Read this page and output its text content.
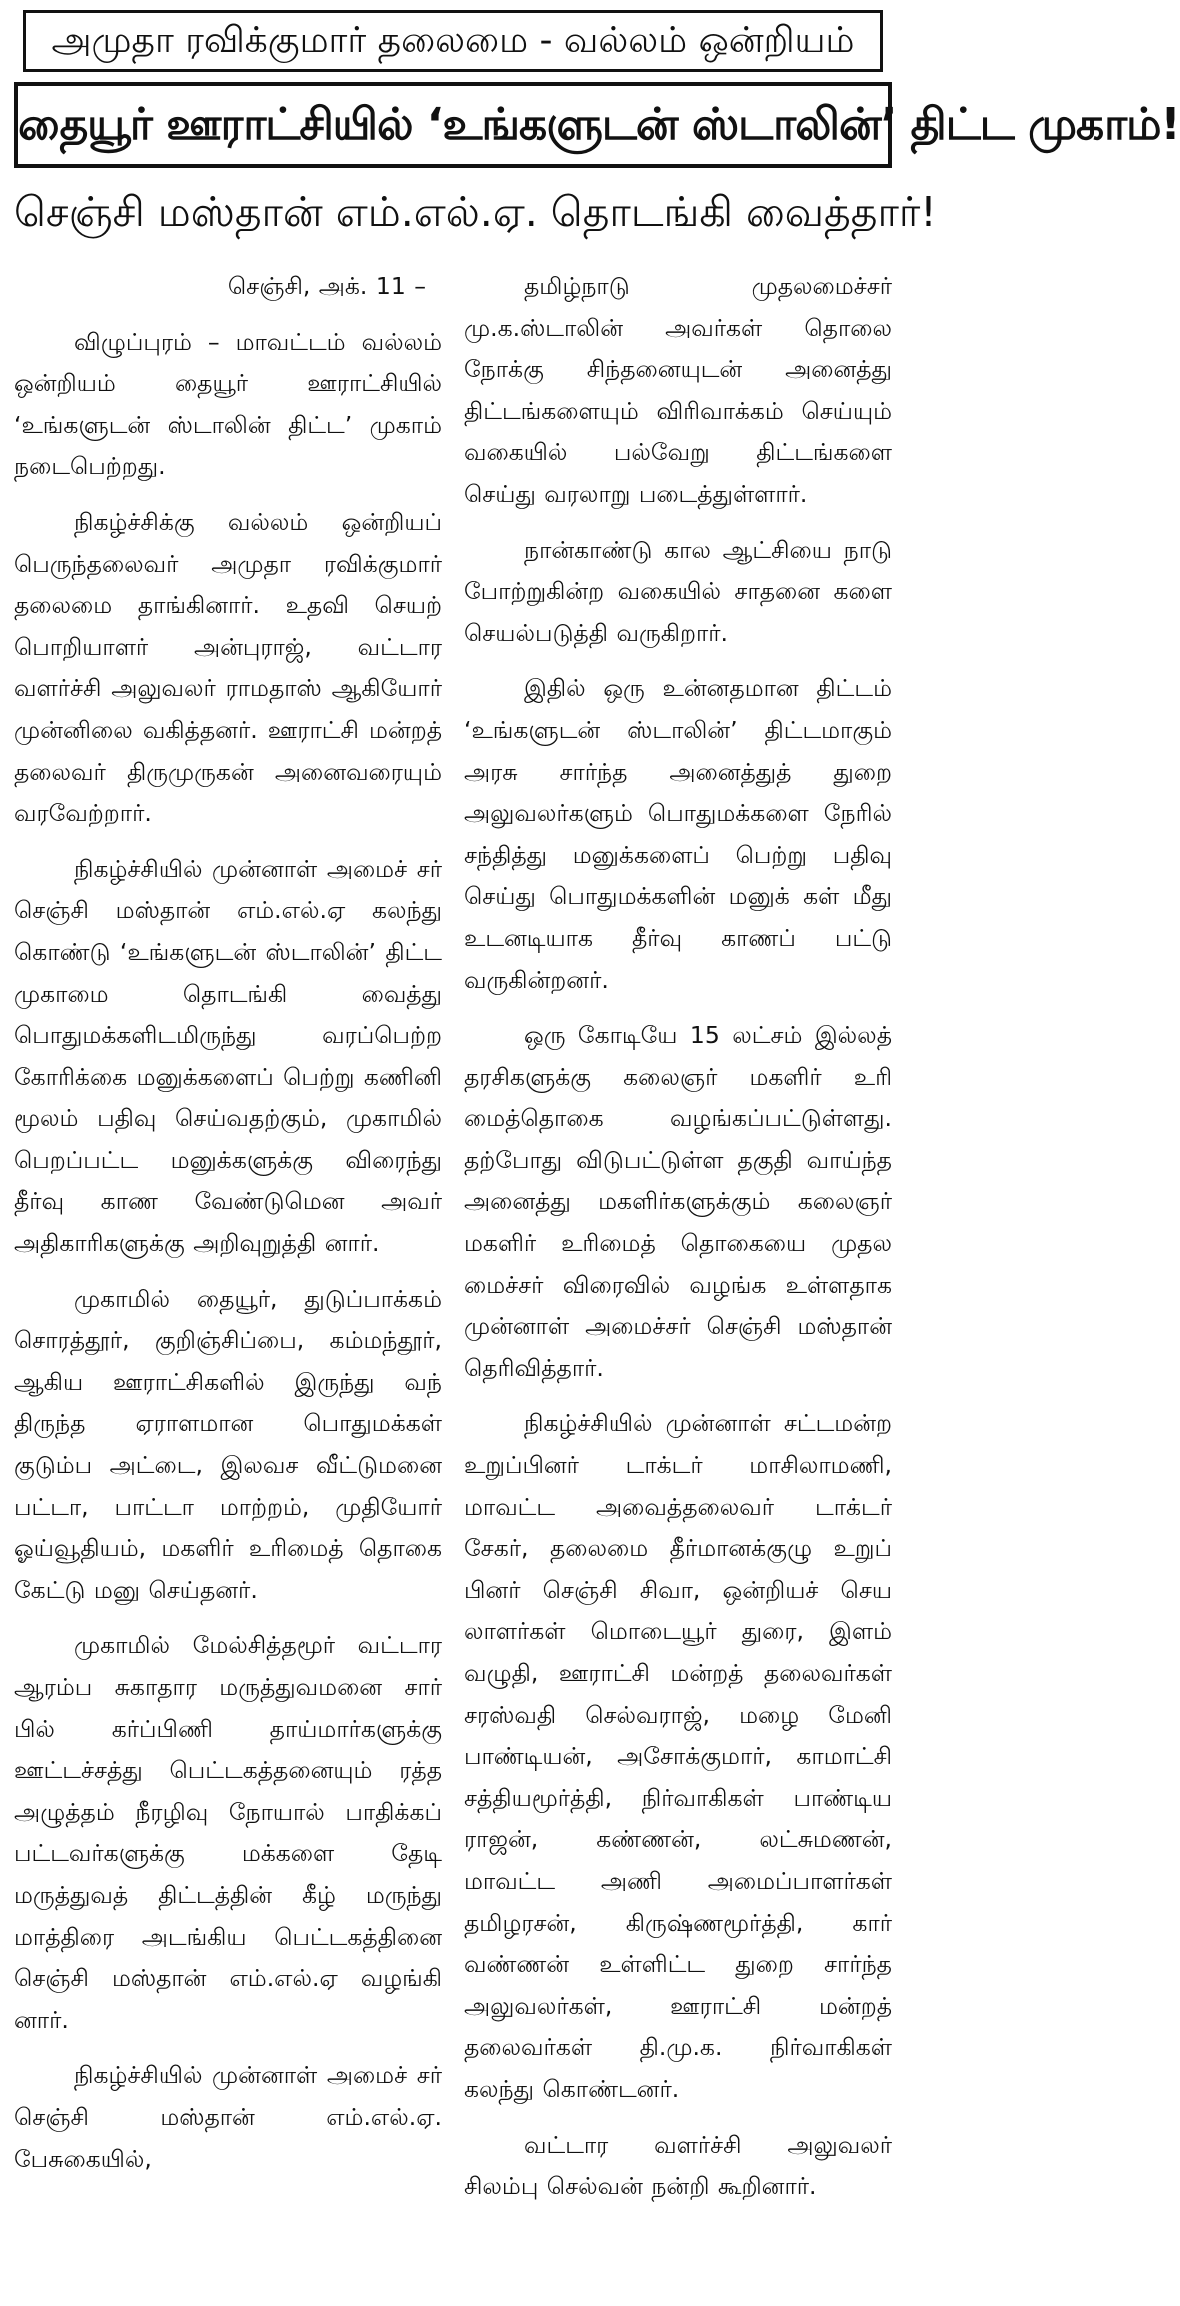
அமுதா ரவிக்குமார் தலைமை - வல்லம் ஒன்றியம்
தையூர் ஊராட்சியில் ‘உங்களுடன் ஸ்டாலின்’ திட்ட முகாம்!
செஞ்சி மஸ்தான் எம்.எல்.ஏ. தொடங்கி வைத்தார்!

செஞ்சி, அக். 11 –

விழுப்புரம் – மாவட்டம் வல்லம் ஒன்றியம் தையூர் ஊராட்சியில் ‘உங்களுடன் ஸ்டாலின் திட்ட’ முகாம் நடைபெற்றது.

நிகழ்ச்சிக்கு வல்லம் ஒன்றியப் பெருந்தலைவர் அமுதா ரவிக்குமார் தலைமை தாங்கினார். உதவி செயற் பொறியாளர் அன்புராஜ், வட்டார வளர்ச்சி அலுவலர் ராமதாஸ் ஆகியோர் முன்னிலை வகித்தனர். ஊராட்சி மன்றத் தலைவர் திருமுருகன் அனைவரையும் வரவேற்றார்.

நிகழ்ச்சியில் முன்னாள் அமைச் சர் செஞ்சி மஸ்தான் எம்.எல்.ஏ கலந்து கொண்டு ‘உங்களுடன் ஸ்டாலின்’ திட்ட முகாமை தொடங்கி வைத்து பொதுமக்களிடமிருந்து வரப்பெற்ற கோரிக்கை மனுக்களைப் பெற்று கணினி மூலம் பதிவு செய்வதற்கும், முகாமில் பெறப்பட்ட மனுக்களுக்கு விரைந்து தீர்வு காண வேண்டுமென அவர் அதிகாரிகளுக்கு அறிவுறுத்தி னார்.

முகாமில் தையூர், துடுப்பாக்கம் சொரத்தூர், குறிஞ்சிப்பை, கம்மந்தூர், ஆகிய ஊராட்சிகளில் இருந்து வந் திருந்த ஏராளமான பொதுமக்கள் குடும்ப அட்டை, இலவச வீட்டுமனை பட்டா, பாட்டா மாற்றம், முதியோர் ஓய்வூதியம், மகளிர் உரிமைத் தொகை கேட்டு மனு செய்தனர்.

முகாமில் மேல்சித்தமூர் வட்டார ஆரம்ப சுகாதார மருத்துவமனை சார் பில் கர்ப்பிணி தாய்மார்களுக்கு ஊட்டச்சத்து பெட்டகத்தனையும் ரத்த அழுத்தம் நீரழிவு நோயால் பாதிக்கப் பட்டவர்களுக்கு மக்களை தேடி மருத்துவத் திட்டத்தின் கீழ் மருந்து மாத்திரை அடங்கிய பெட்டகத்தினை செஞ்சி மஸ்தான் எம்.எல்.ஏ வழங்கி னார்.

நிகழ்ச்சியில் முன்னாள் அமைச் சர் செஞ்சி மஸ்தான் எம்.எல்.ஏ. பேசுகையில்,

தமிழ்நாடு முதலமைச்சர் மு.க.ஸ்டாலின் அவர்கள் தொலை நோக்கு சிந்தனையுடன் அனைத்து திட்டங்களையும் விரிவாக்கம் செய்யும் வகையில் பல்வேறு திட்டங்களை செய்து வரலாறு படைத்துள்ளார்.

நான்காண்டு கால ஆட்சியை நாடு போற்றுகின்ற வகையில் சாதனை களை செயல்படுத்தி வருகிறார்.

இதில் ஒரு உன்னதமான திட்டம் ‘உங்களுடன் ஸ்டாலின்’ திட்டமாகும் அரசு சார்ந்த அனைத்துத் துறை அலுவலர்களும் பொதுமக்களை நேரில் சந்தித்து மனுக்களைப் பெற்று பதிவு செய்து பொதுமக்களின் மனுக் கள் மீது உடனடியாக தீர்வு காணப் பட்டு வருகின்றனர்.

ஒரு கோடியே 15 லட்சம் இல்லத் தரசிகளுக்கு கலைஞர் மகளிர் உரி மைத்தொகை வழங்கப்பட்டுள்ளது. தற்போது விடுபட்டுள்ள தகுதி வாய்ந்த அனைத்து மகளிர்களுக்கும் கலைஞர் மகளிர் உரிமைத் தொகையை முதல மைச்சர் விரைவில் வழங்க உள்ளதாக முன்னாள் அமைச்சர் செஞ்சி மஸ்தான் தெரிவித்தார்.

நிகழ்ச்சியில் முன்னாள் சட்டமன்ற உறுப்பினர் டாக்டர் மாசிலாமணி, மாவட்ட அவைத்தலைவர் டாக்டர் சேகர், தலைமை தீர்மானக்குழு உறுப் பினர் செஞ்சி சிவா, ஒன்றியச் செய லாளர்கள் மொடையூர் துரை, இளம் வழுதி, ஊராட்சி மன்றத் தலைவர்கள் சரஸ்வதி செல்வராஜ், மழை மேனி பாண்டியன், அசோக்குமார், காமாட்சி சத்தியமூர்த்தி, நிர்வாகிகள் பாண்டிய ராஜன், கண்ணன், லட்சுமணன், மாவட்ட அணி அமைப்பாளர்கள் தமிழரசன், கிருஷ்ணமூர்த்தி, கார் வண்ணன் உள்ளிட்ட துறை சார்ந்த அலுவலர்கள், ஊராட்சி மன்றத் தலைவர்கள் தி.மு.க. நிர்வாகிகள் கலந்து கொண்டனர்.

வட்டார வளர்ச்சி அலுவலர் சிலம்பு செல்வன் நன்றி கூறினார்.
